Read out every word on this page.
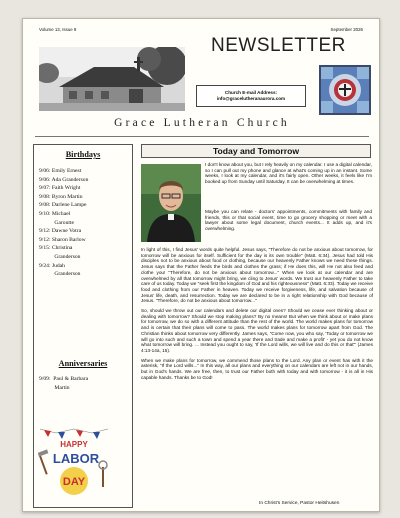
Volume 13, Issue 9	September 2026
NEWSLETTER
Church E-mail Address:
info@gracelutheranaurora.com
Grace Lutheran Church
Birthdays
9/06: Emily Ernest
9/06: Ada Granderson
9/07: Faith Wright
9/08: Byron Martin
9/08: Darlene Lampe
9/10: Michael
Garoutte
9/12: Dawne Votra
9/12: Sharon Barlow
9/15: Christina
Granderson
9/24: Judah
Granderson
Anniversaries
9/09:  Paul & Barbara
Martin
HAPPY
LABOR
DAY
Today and Tomorrow
I don't know about you, but I rely heavily on my calendar. I use a digital calendar, so I can pull out my phone and glance at what's coming up in an instant. Some weeks, I look at my calendar, and it's fairly open. Other weeks, it feels like I'm booked up from Sunday until Saturday. It can be overwhelming at times.
Maybe you can relate - doctors' appointments, commitments with family and friends, this or that social event, time to go grocery shopping or meet with a lawyer about some legal document, church events... It adds up, and it's overwhelming.

In light of this, I find Jesus' words quite helpful. Jesus says, "Therefore do not be anxious about tomorrow, for tomorrow will be anxious for itself. Sufficient for the day is its own trouble" (Matt. 6:34). Jesus had told His disciples not to be anxious about food or clothing, because our heavenly Father knows we need these things. Jesus says that the Father feeds the birds and clothes the grass; if He does this, will He not also feed and clothe you! "Therefore, do not be anxious about tomorrow..." When we look at our calendar and are overwhelmed by all that tomorrow might bring, we cling to Jesus' words. We trust our heavenly Father to take care of us today. Today we "seek first the kingdom of God and his righteousness" (Matt. 6:33). Today we receive food and clothing from our Father in heaven. Today we receive forgiveness, life, and salvation because of Jesus' life, death, and resurrection. Today we are declared to be in a right relationship with God because of Jesus. "Therefore, do not be anxious about tomorrow..."

So, should we throw out our calendars and delete our digital ones? Should we cease ever thinking about or dealing with tomorrow? Should we stop making plans? By no means! But when we think about or make plans for tomorrow, we do so with a different attitude than the rest of the world. The world makes plans for tomorrow and is certain that their plans will come to pass. The world makes plans for tomorrow apart from God. The Christian thinks about tomorrow very differently. James says, "Come now, you who say, 'Today or tomorrow we will go into such and such a town and spend a year there and trade and make a profit' - yet you do not know what tomorrow will bring. ... Instead you ought to say, 'If the Lord wills, we will live and do this or that'" (James 4:13-14a, 15).

When we make plans for tomorrow, we commend those plans to the Lord. Any plan or event has with it the asterisk, "If the Lord wills..." In this way, all our plans and everything on our calendars are left not in our hands, but in God's hands. We are free, then, to trust our Father both with today and with tomorrow - it is all in His capable hands. Thanks be to God!

In Christ's Service, Pastor Heitshusen
